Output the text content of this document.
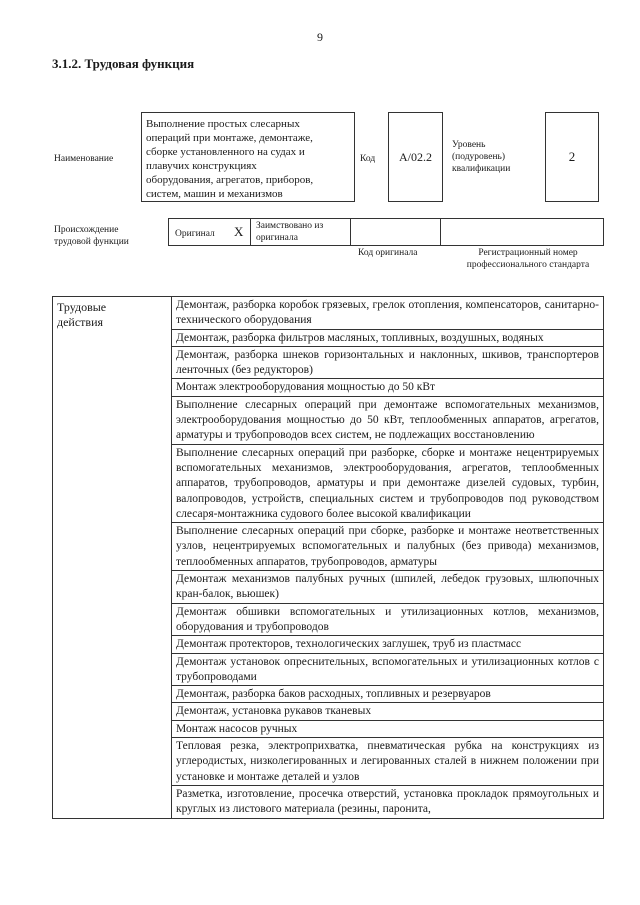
9
3.1.2. Трудовая функция
Наименование
Выполнение простых слесарных
операций при монтаже, демонтаже,
сборке установленного на судах и
плавучих конструкциях
оборудования, агрегатов, приборов,
систем, машин и механизмов
Код	A/02.2
Уровень
(подуровень)
квалификации
2
Происхождение
трудовой функции
Оригинал X Заимствовано из
оригинала
Код оригинала	Регистрационный номер
профессионального стандарта
Трудовые
действия
	Демонтаж, разборка коробок грязевых, грелок отопления, компенсаторов, санитарно-технического оборудования
Демонтаж, разборка фильтров масляных, топливных, воздушных, водяных
Демонтаж, разборка шнеков горизонтальных и наклонных, шкивов, транспортеров ленточных (без редукторов)
Монтаж электрооборудования мощностью до 50 кВт
Выполнение слесарных операций при демонтаже вспомогательных механизмов, электрооборудования мощностью до 50 кВт, теплообменных аппаратов, агрегатов, арматуры и трубопроводов всех систем, не подлежащих восстановлению
Выполнение слесарных операций при разборке, сборке и монтаже нецентрируемых вспомогательных механизмов, электрооборудования, агрегатов, теплообменных аппаратов, трубопроводов, арматуры и при демонтаже дизелей судовых, турбин, валопроводов, устройств, специальных систем и трубопроводов под руководством слесаря-монтажника судового более высокой квалификации
Выполнение слесарных операций при сборке, разборке и монтаже неответственных узлов, нецентрируемых вспомогательных и палубных (без привода) механизмов, теплообменных аппаратов, трубопроводов, арматуры
Демонтаж механизмов палубных ручных (шпилей, лебедок грузовых, шлюпочных кран-балок, вьюшек)
Демонтаж обшивки вспомогательных и утилизационных котлов, механизмов, оборудования и трубопроводов
Демонтаж протекторов, технологических заглушек, труб из пластмасс
Демонтаж установок опреснительных, вспомогательных и утилизационных котлов с трубопроводами
Демонтаж, разборка баков расходных, топливных и резервуаров
Демонтаж, установка рукавов тканевых
Монтаж насосов ручных
Тепловая резка, электроприхватка, пневматическая рубка на конструкциях из углеродистых, низколегированных и легированных сталей в нижнем положении при установке и монтаже деталей и узлов
Разметка, изготовление, просечка отверстий, установка прокладок прямоугольных и круглых из листового материала (резины, паронита,
